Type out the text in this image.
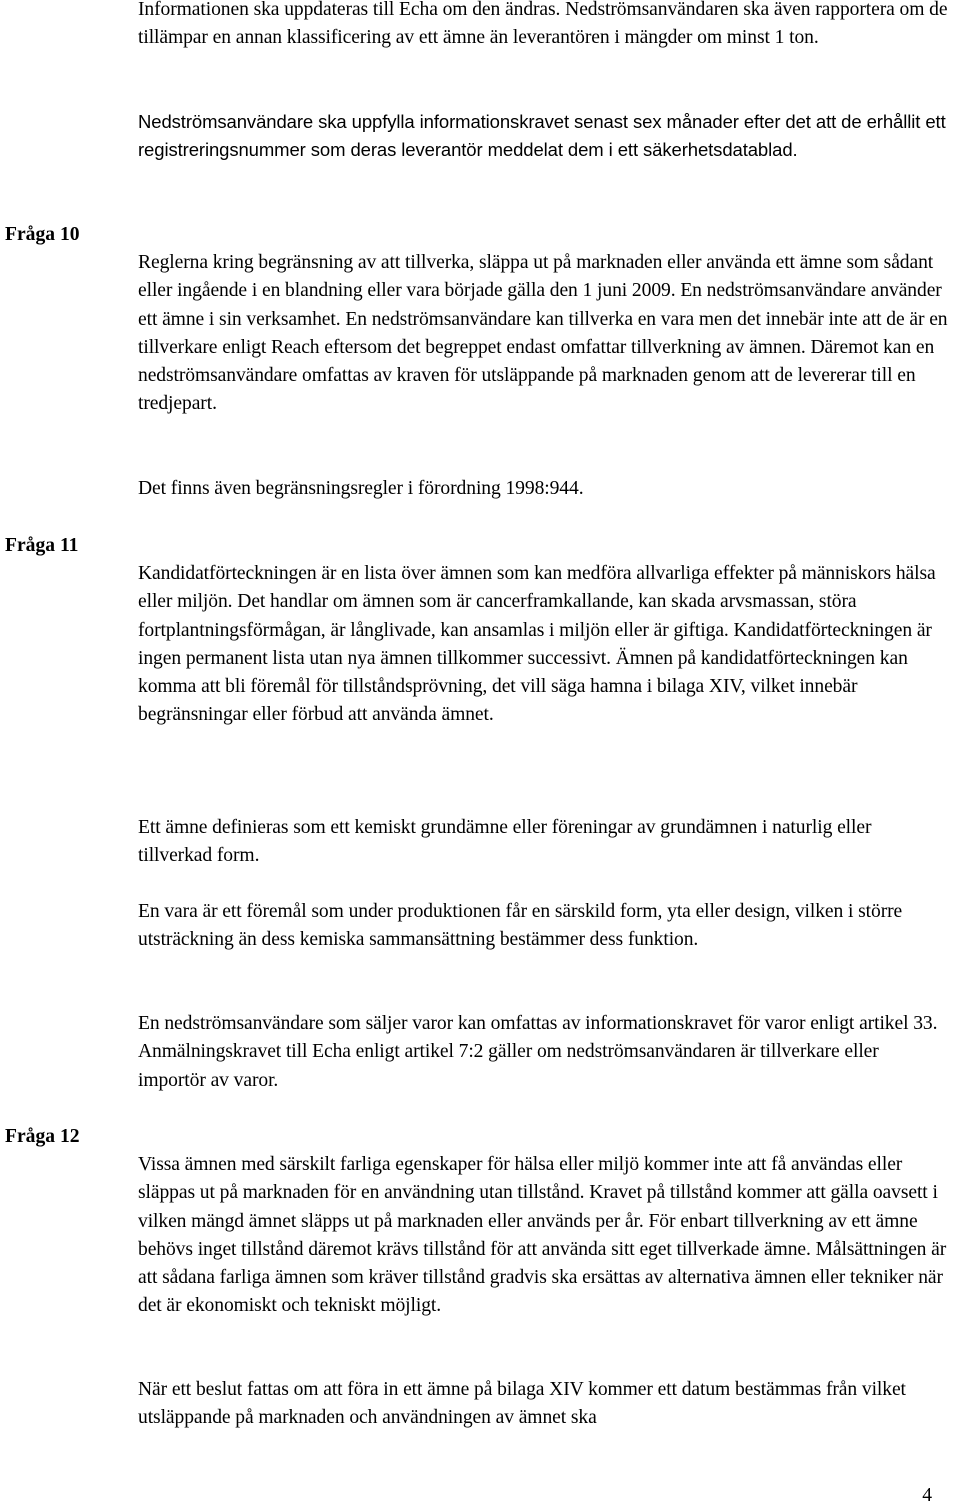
Informationen ska uppdateras till Echa om den ändras. Nedströmsanvändaren ska även rapportera om de tillämpar en annan klassificering av ett ämne än leverantören i mängder om minst 1 ton.

Nedströmsanvändare ska uppfylla informationskravet senast sex månader efter det att de erhållit ett registreringsnummer som deras leverantör meddelat dem i ett säkerhetsdatablad.

Fråga 10

Reglerna kring begränsning av att tillverka, släppa ut på marknaden eller använda ett ämne som sådant eller ingående i en blandning eller vara började gälla den 1 juni 2009. En nedströmsanvändare använder ett ämne i sin verksamhet. En nedströmsanvändare kan tillverka en vara men det innebär inte att de är en tillverkare enligt Reach eftersom det begreppet endast omfattar tillverkning av ämnen. Däremot kan en nedströmsanvändare omfattas av kraven för utsläppande på marknaden genom att de levererar till en tredjepart.

Det finns även begränsningsregler i förordning 1998:944.

Fråga 11

Kandidatförteckningen är en lista över ämnen som kan medföra allvarliga effekter på människors hälsa eller miljön. Det handlar om ämnen som är cancerframkallande, kan skada arvsmassan, störa fortplantningsförmågan, är långlivade, kan ansamlas i miljön eller är giftiga. Kandidatförteckningen är ingen permanent lista utan nya ämnen tillkommer successivt. Ämnen på kandidatförteckningen kan komma att bli föremål för tillståndsprövning, det vill säga hamna i bilaga XIV, vilket innebär begränsningar eller förbud att använda ämnet.

Ett ämne definieras som ett kemiskt grundämne eller föreningar av grundämnen i naturlig eller tillverkad form.

En vara är ett föremål som under produktionen får en särskild form, yta eller design, vilken i större utsträckning än dess kemiska sammansättning bestämmer dess funktion.

En nedströmsanvändare som säljer varor kan omfattas av informationskravet för varor enligt artikel 33. Anmälningskravet till Echa enligt artikel 7:2 gäller om nedströmsanvändaren är tillverkare eller importör av varor.

Fråga 12

Vissa ämnen med särskilt farliga egenskaper för hälsa eller miljö kommer inte att få användas eller släppas ut på marknaden för en användning utan tillstånd. Kravet på tillstånd kommer att gälla oavsett i vilken mängd ämnet släpps ut på marknaden eller används per år. För enbart tillverkning av ett ämne behövs inget tillstånd däremot krävs tillstånd för att använda sitt eget tillverkade ämne. Målsättningen är att sådana farliga ämnen som kräver tillstånd gradvis ska ersättas av alternativa ämnen eller tekniker när det är ekonomiskt och tekniskt möjligt.

När ett beslut fattas om att föra in ett ämne på bilaga XIV kommer ett datum bestämmas från vilket utsläppande på marknaden och användningen av ämnet ska

4
